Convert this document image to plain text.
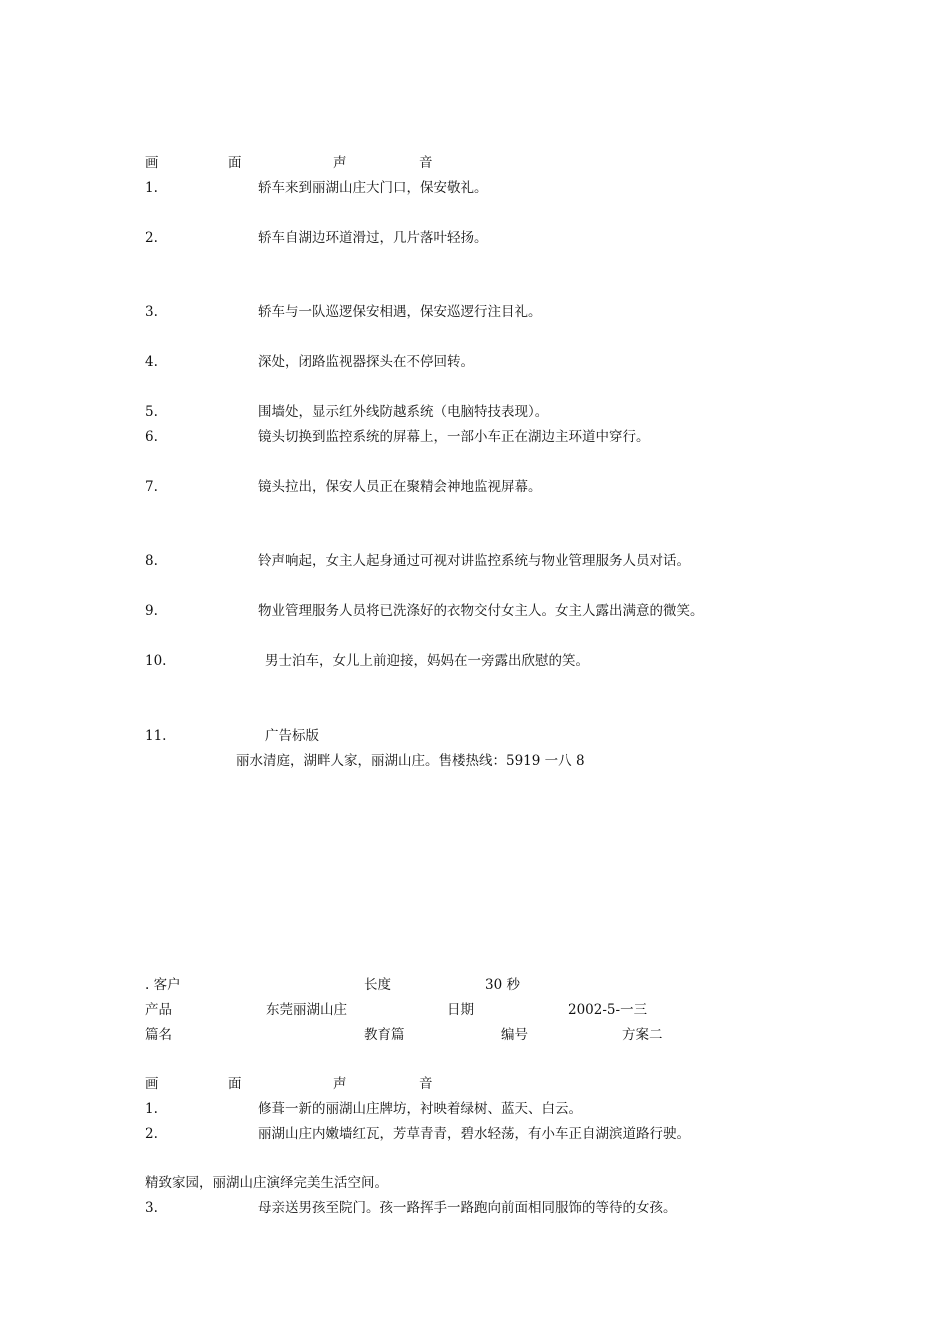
画	面	声	音
1.	轿车来到丽湖山庄大门口，保安敬礼。
2.	轿车自湖边环道滑过，几片落叶轻扬。
3.	轿车与一队巡逻保安相遇，保安巡逻行注目礼。
4.	深处，闭路监视器探头在不停回转。
5.	围墙处，显示红外线防越系统（电脑特技表现）。
6.	镜头切换到监控系统的屏幕上，一部小车正在湖边主环道中穿行。
7.	镜头拉出，保安人员正在聚精会神地监视屏幕。
8.	铃声响起，女主人起身通过可视对讲监控系统与物业管理服务人员对话。
9.	物业管理服务人员将已洗涤好的衣物交付女主人。女主人露出满意的微笑。
10.	男士泊车，女儿上前迎接，妈妈在一旁露出欣慰的笑。
11.	广告标版
丽水清庭，湖畔人家，丽湖山庄。售楼热线：5919 一八 8
. 客户	长度	30 秒
产品	东莞丽湖山庄	日期	2002-5-一三
篇名	教育篇	编号	方案二
画	面	声	音
1.	修葺一新的丽湖山庄牌坊，衬映着绿树、蓝天、白云。
2.	丽湖山庄内嫩墙红瓦，芳草青青，碧水轻荡，有小车正自湖滨道路行驶。
精致家园，丽湖山庄演绎完美生活空间。
3.	母亲送男孩至院门。孩一路挥手一路跑向前面相同服饰的等待的女孩。
